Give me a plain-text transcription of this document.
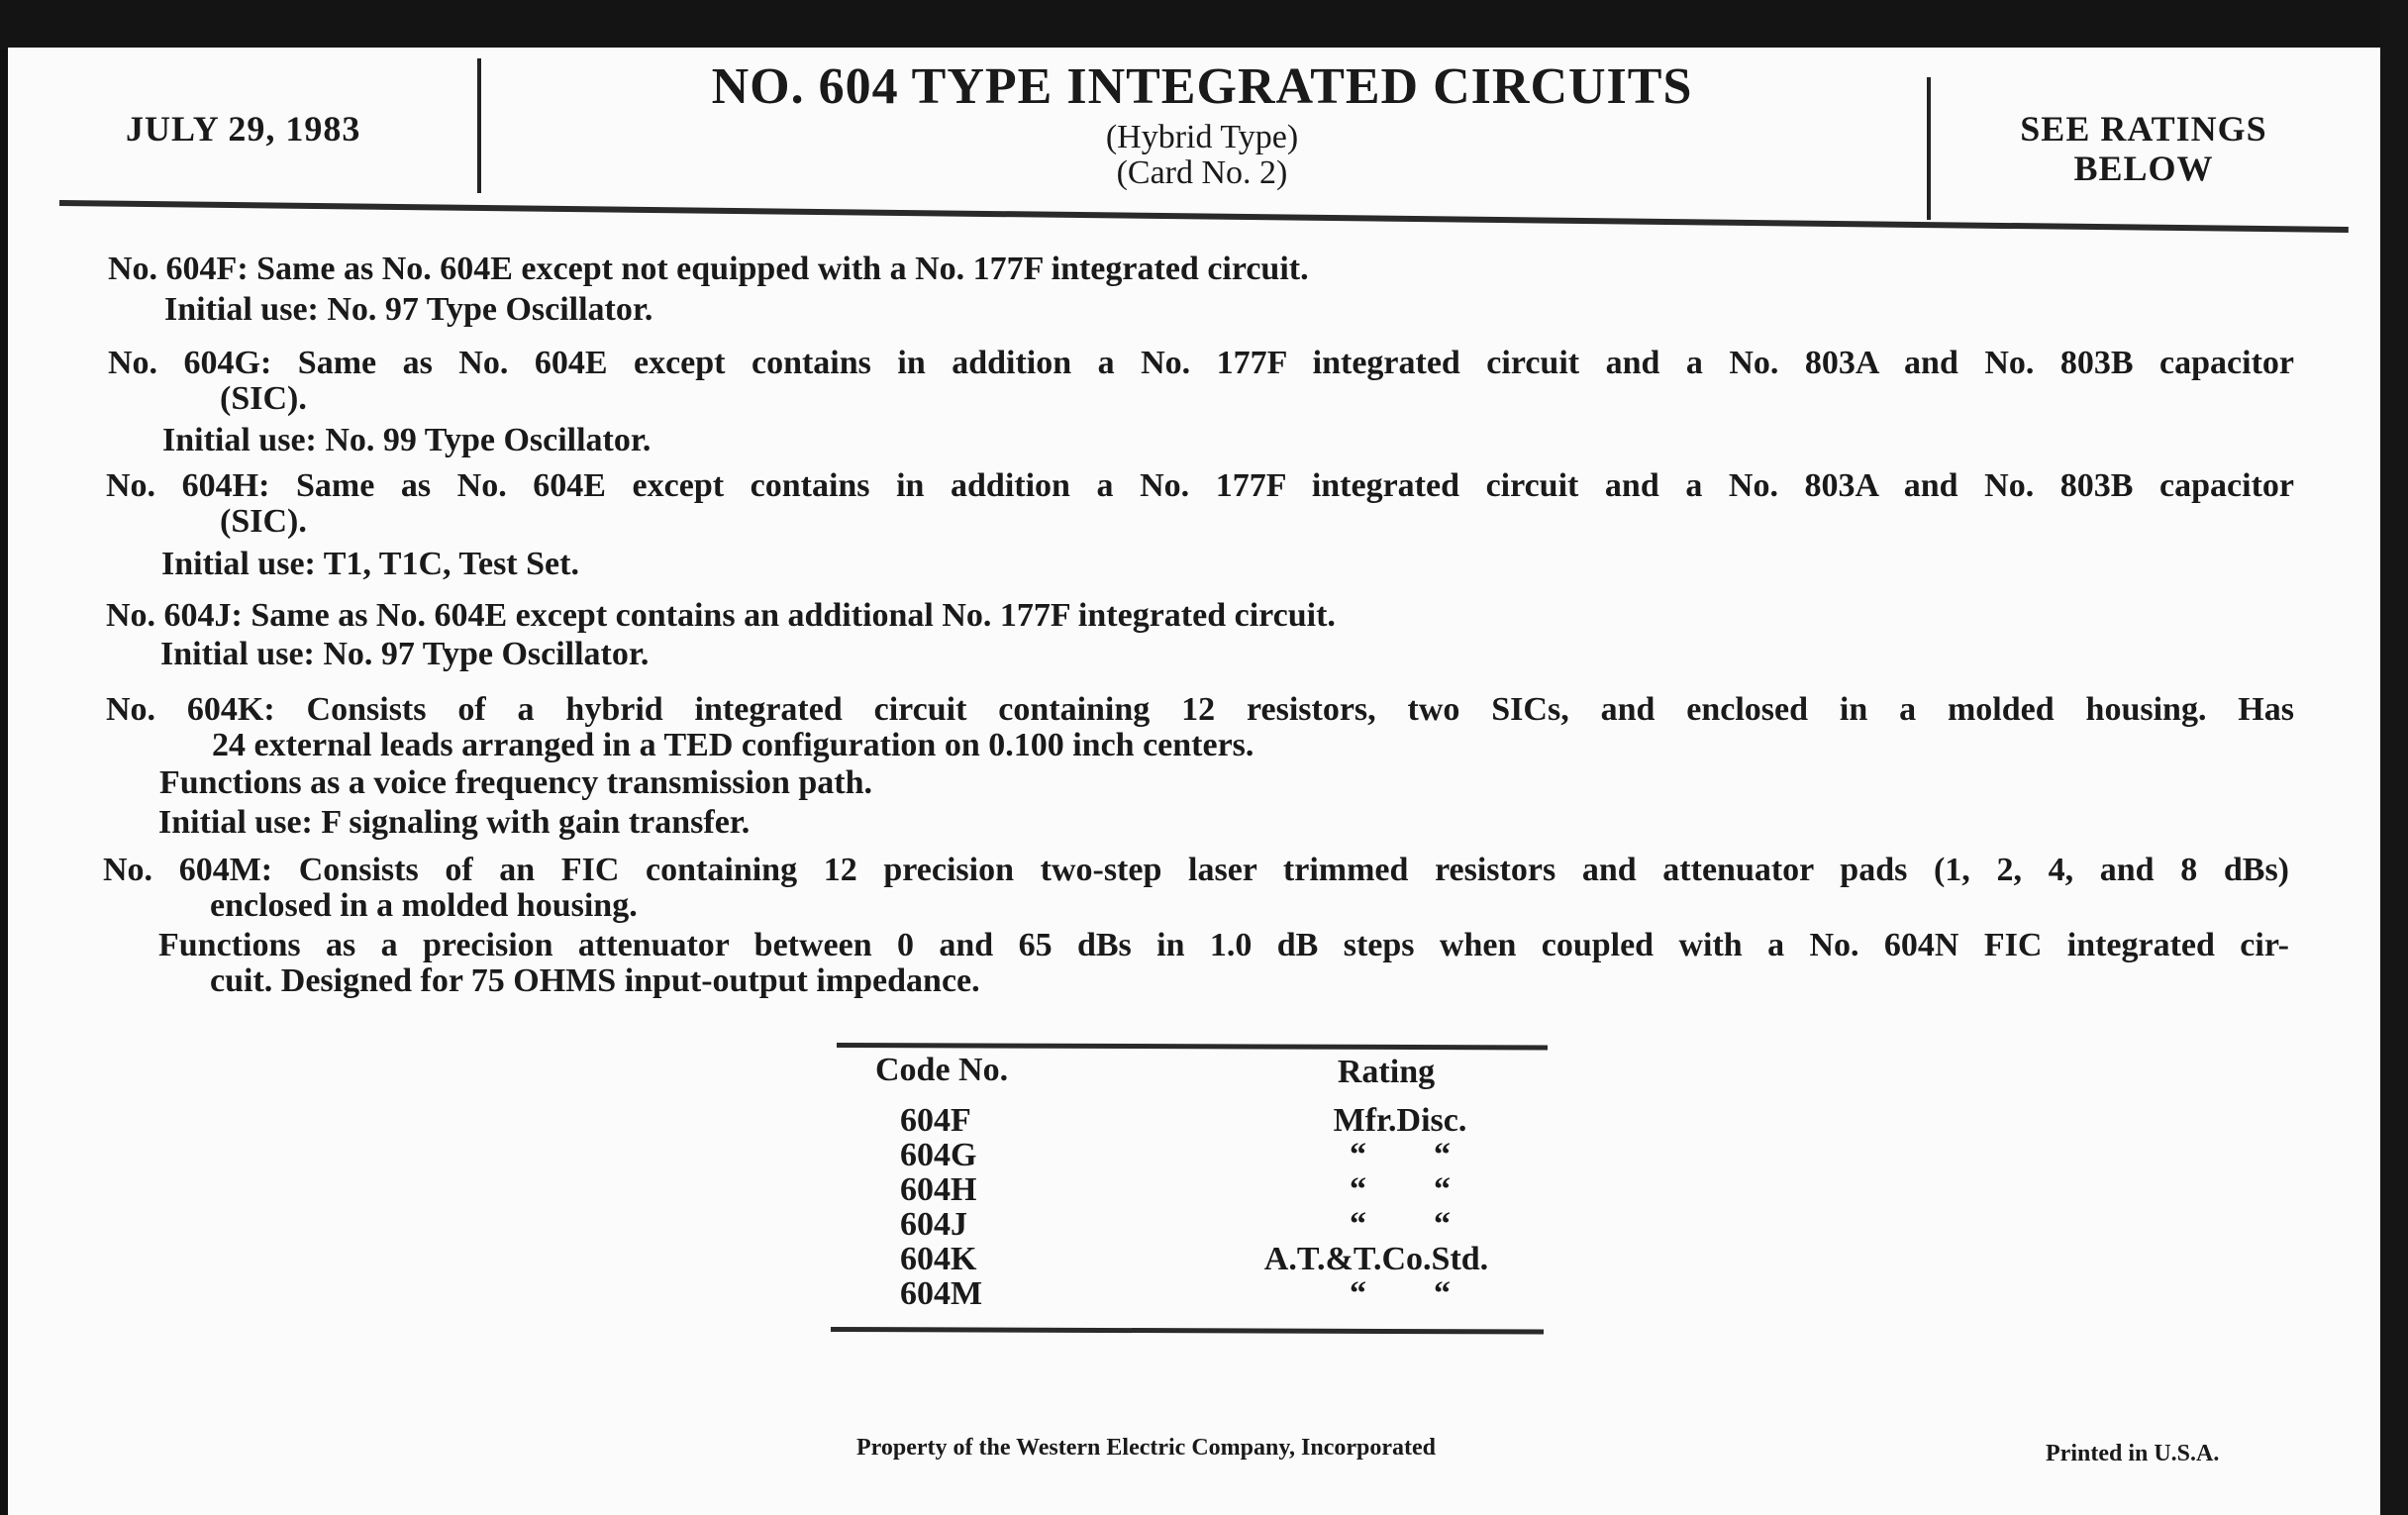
JULY 29, 1983
NO. 604 TYPE INTEGRATED CIRCUITS
(Hybrid Type)
(Card No. 2)
SEE RATINGS
BELOW
No. 604F: Same as No. 604E except not equipped with a No. 177F integrated circuit.
Initial use: No. 97 Type Oscillator.
No. 604G: Same as No. 604E except contains in addition a No. 177F integrated circuit and a No. 803A and No. 803B capacitor
(SIC).
Initial use: No. 99 Type Oscillator.
No. 604H: Same as No. 604E except contains in addition a No. 177F integrated circuit and a No. 803A and No. 803B capacitor
(SIC).
Initial use: T1, T1C, Test Set.
No. 604J: Same as No. 604E except contains an additional No. 177F integrated circuit.
Initial use: No. 97 Type Oscillator.
No. 604K: Consists of a hybrid integrated circuit containing 12 resistors, two SICs, and enclosed in a molded housing. Has
24 external leads arranged in a TED configuration on 0.100 inch centers.
Functions as a voice frequency transmission path.
Initial use: F signaling with gain transfer.
No. 604M: Consists of an FIC containing 12 precision two-step laser trimmed resistors and attenuator pads (1, 2, 4, and 8 dBs)
enclosed in a molded housing.
Functions as a precision attenuator between 0 and 65 dBs in 1.0 dB steps when coupled with a No. 604N FIC integrated cir-
cuit. Designed for 75 OHMS input-output impedance.
Code No.	Rating
604F	Mfr.Disc.
604G	“        “
604H	“        “
604J	“        “
604K	A.T.&T.Co.Std.
604M	“        “
Property of the Western Electric Company, Incorporated	Printed in U.S.A.
